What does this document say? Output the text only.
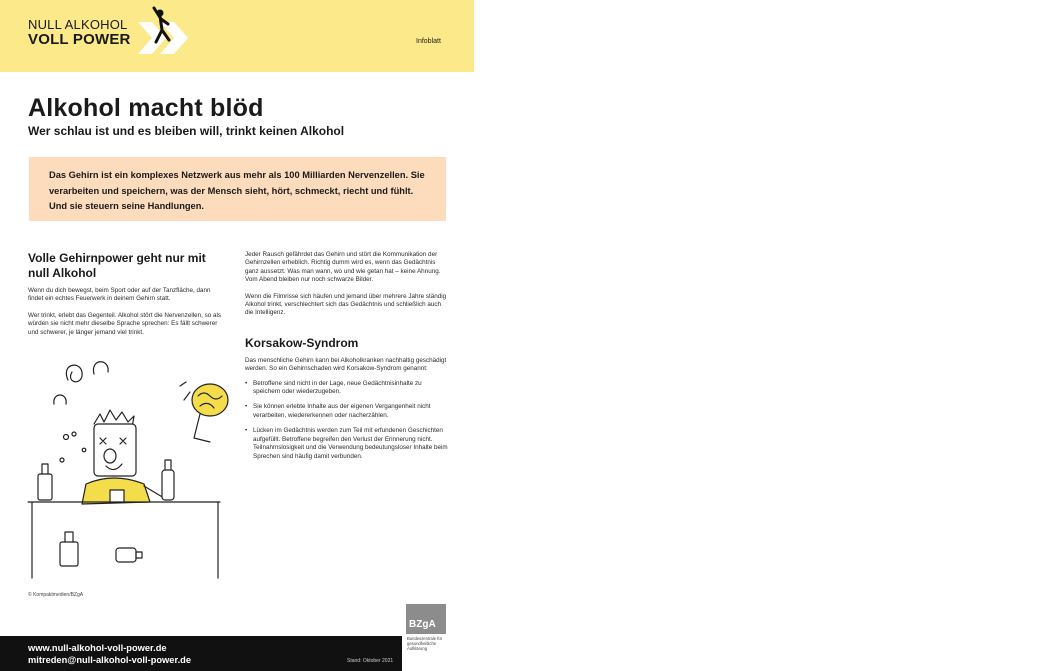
NULL ALKOHOL
VOLL POWER	Infoblatt
Alkohol macht blöd
Wer schlau ist und es bleiben will, trinkt keinen Alkohol
Das Gehirn ist ein komplexes Netzwerk aus mehr als 100 Milliarden Nervenzellen. Sie verarbeiten und speichern, was der Mensch sieht, hört, schmeckt, riecht und fühlt. Und sie steuern seine Handlungen.
Volle Gehirnpower geht nur mit null Alkohol

Wenn du dich bewegst, beim Sport oder auf der Tanzfläche, dann findet ein echtes Feuerwerk in deinem Gehirn statt.

Wer trinkt, erlebt das Gegenteil. Alkohol stört die Nervenzellen, so als würden sie nicht mehr dieselbe Sprache sprechen: Es fällt schwerer und schwerer, je länger jemand viel trinkt.

Jeder Rausch gefährdet das Gehirn und stört die Kommunikation der Gehirnzellen erheblich. Richtig dumm wird es, wenn das Gedächtnis ganz aussetzt. Was man wann, wo und wie getan hat – keine Ahnung. Vom Abend bleiben nur noch schwarze Bilder.

Wenn die Filmrisse sich häufen und jemand über mehrere Jahre ständig Alkohol trinkt, verschlechtert sich das Gedächtnis und schließlich auch die Intelligenz.

Korsakow-Syndrom

Das menschliche Gehirn kann bei Alkoholkranken nachhaltig geschädigt werden. So ein Gehirnschaden wird Korsakow-Syndrom genannt:

• Betroffene sind nicht in der Lage, neue Gedächtnisinhalte zu speichern oder wiederzugeben.
• Sie können erlebte Inhalte aus der eigenen Vergangenheit nicht verarbeiten, wiedererkennen oder nacherzählen.
• Lücken im Gedächtnis werden zum Teil mit erfundenen Geschichten aufgefüllt. Betroffene begreifen den Verlust der Erinnerung nicht. Teilnahmslosigkeit und die Verwendung bedeutungsloser Inhalte beim Sprechen sind häufig damit verbunden.
© Kompaktmedien/BZgA
BZgA
Bundeszentrale für gesundheitliche Aufklärung
www.null-alkohol-voll-power.de
mitreden@null-alkohol-voll-power.de	Stand: Oktober 2021
